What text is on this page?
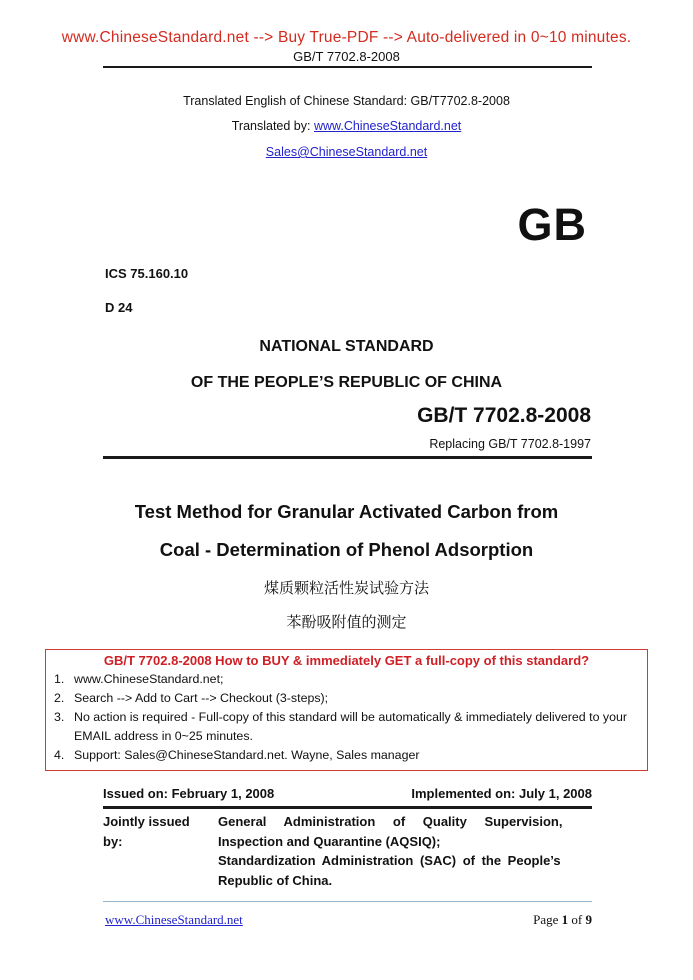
www.ChineseStandard.net --> Buy True-PDF --> Auto-delivered in 0~10 minutes.
GB/T 7702.8-2008
Translated English of Chinese Standard: GB/T7702.8-2008
Translated by: www.ChineseStandard.net
Sales@ChineseStandard.net
GB
ICS 75.160.10
D 24
NATIONAL STANDARD
OF THE PEOPLE’S REPUBLIC OF CHINA
GB/T 7702.8-2008
Replacing GB/T 7702.8-1997
Test Method for Granular Activated Carbon from
Coal - Determination of Phenol Adsorption
煤质颗粒活性炭试验方法
苯酚吸附值的测定
GB/T 7702.8-2008 How to BUY & immediately GET a full-copy of this standard?
1. www.ChineseStandard.net;
2. Search --> Add to Cart --> Checkout (3-steps);
3. No action is required - Full-copy of this standard will be automatically & immediately delivered to your EMAIL address in 0~25 minutes.
4. Support: Sales@ChineseStandard.net. Wayne, Sales manager
Issued on: February 1, 2008	Implemented on: July 1, 2008
Jointly issued by:
General Administration of Quality Supervision,
Inspection and Quarantine (AQSIQ);
Standardization Administration (SAC) of the People’s
Republic of China.
www.ChineseStandard.net	Page 1 of 9
